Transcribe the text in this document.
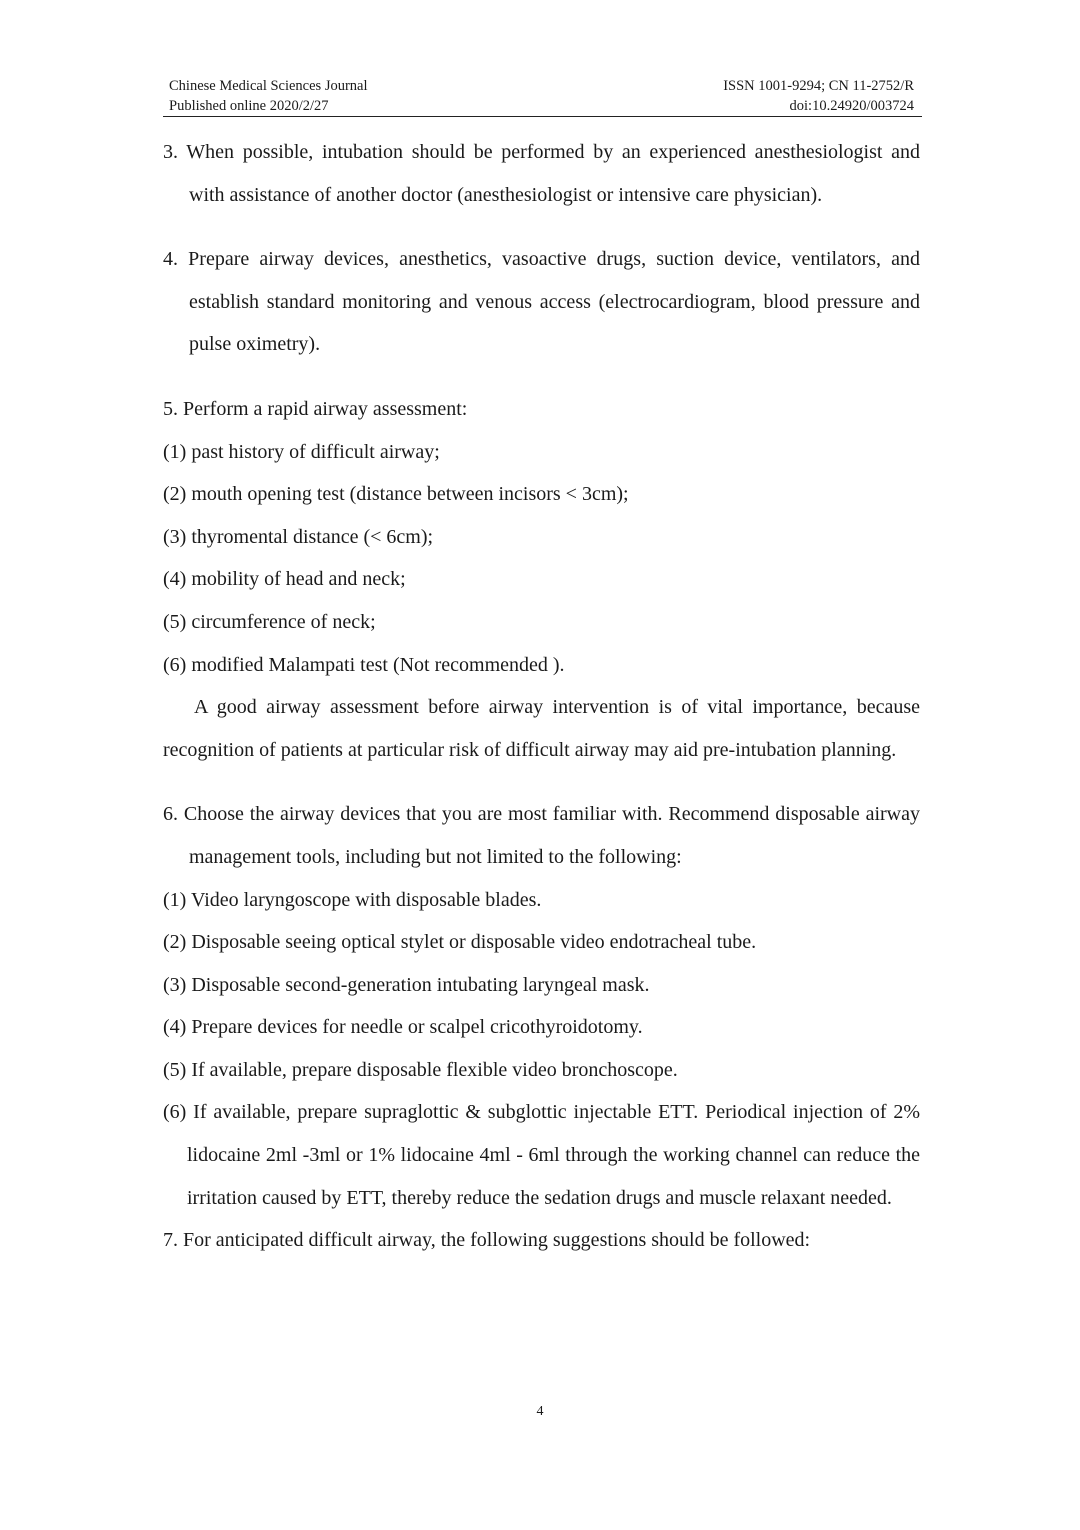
Chinese Medical Sciences Journal
Published online 2020/2/27
ISSN 1001-9294; CN 11-2752/R
doi:10.24920/003724

3. When possible, intubation should be performed by an experienced anesthesiologist and with assistance of another doctor (anesthesiologist or intensive care physician).

4. Prepare airway devices, anesthetics, vasoactive drugs, suction device, ventilators, and establish standard monitoring and venous access (electrocardiogram, blood pressure and pulse oximetry).

5. Perform a rapid airway assessment:

(1) past history of difficult airway;

(2) mouth opening test (distance between incisors < 3cm);

(3) thyromental distance (< 6cm);

(4) mobility of head and neck;

(5) circumference of neck;

(6) modified Malampati test (Not recommended ).

A good airway assessment before airway intervention is of vital importance, because recognition of patients at particular risk of difficult airway may aid pre-intubation planning.

6. Choose the airway devices that you are most familiar with. Recommend disposable airway management tools, including but not limited to the following:

(1) Video laryngoscope with disposable blades.

(2) Disposable seeing optical stylet or disposable video endotracheal tube.

(3) Disposable second-generation intubating laryngeal mask.

(4) Prepare devices for needle or scalpel cricothyroidotomy.

(5) If available, prepare disposable flexible video bronchoscope.

(6) If available, prepare supraglottic & subglottic injectable ETT. Periodical injection of 2% lidocaine 2ml -3ml or 1% lidocaine 4ml - 6ml through the working channel can reduce the irritation caused by ETT, thereby reduce the sedation drugs and muscle relaxant needed.

7. For anticipated difficult airway, the following suggestions should be followed:

4
